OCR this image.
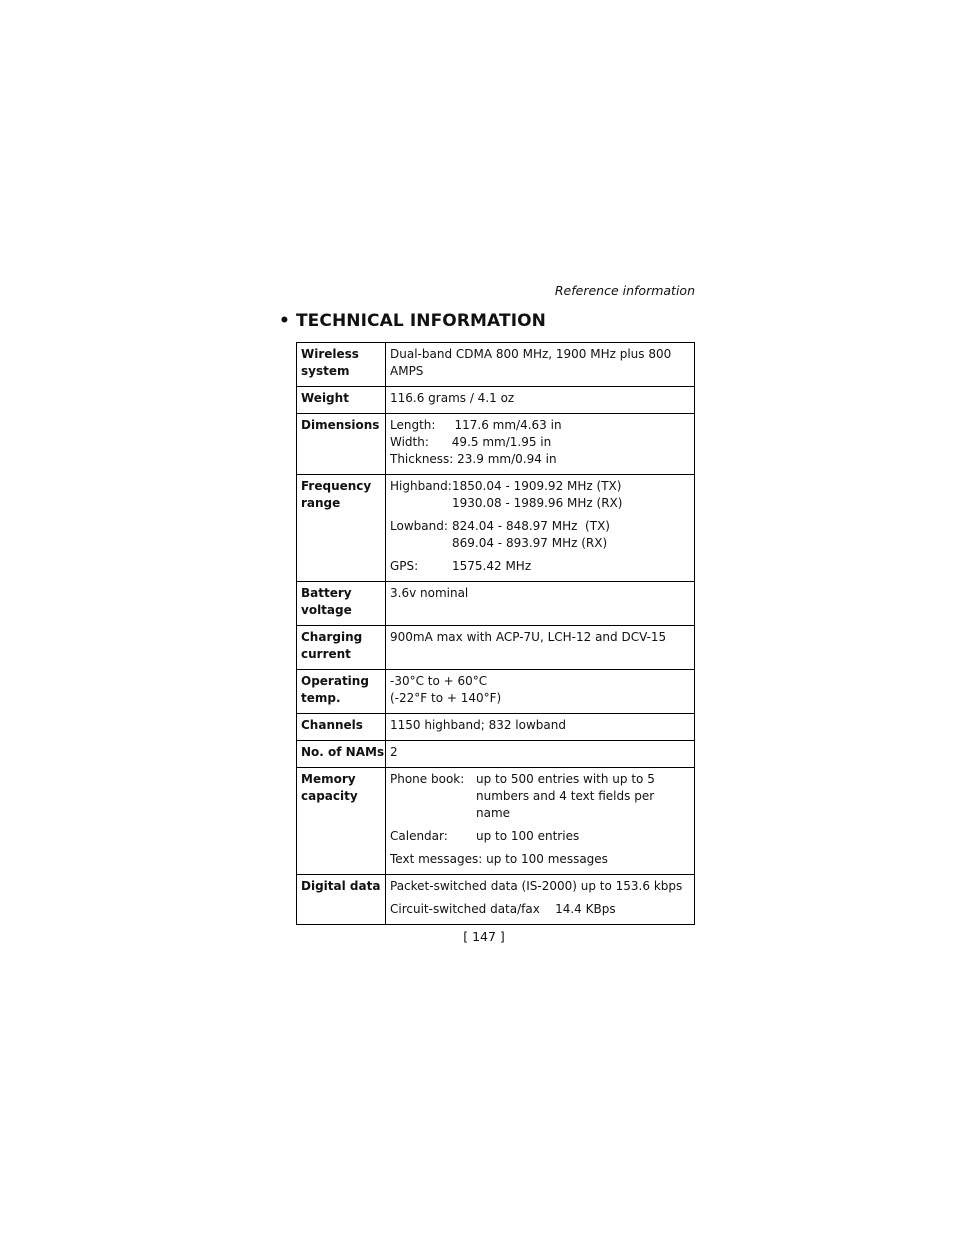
Reference information
• TECHNICAL INFORMATION
Wireless system	Dual-band CDMA 800 MHz, 1900 MHz plus 800 AMPS
Weight	116.6 grams / 4.1 oz
Dimensions	Length:     117.6 mm/4.63 in
Width:      49.5 mm/1.95 in
Thickness: 23.9 mm/0.94 in

Frequency range	Highband:1850.04 - 1909.92 MHz (TX)
1930.08 - 1989.96 MHz (RX)
Lowband: 824.04 - 848.97 MHz  (TX)
869.04 - 893.97 MHz (RX)
GPS: 1575.42 MHz

Battery voltage	3.6v nominal
Charging current	900mA max with ACP-7U, LCH-12 and DCV-15
Operating temp.	-30°C to + 60°C
(-22°F to + 140°F)

Channels	1150 highband; 832 lowband
No. of NAMs	2
Memory capacity	Phone book: up to 500 entries with up to 5 numbers and 4 text fields per name
Calendar: up to 100 entries
Text messages: up to 100 messages

Digital data	Packet-switched data (IS-2000) up to 153.6 kbps
Circuit-switched data/fax    14.4 KBps
[ 147 ]
